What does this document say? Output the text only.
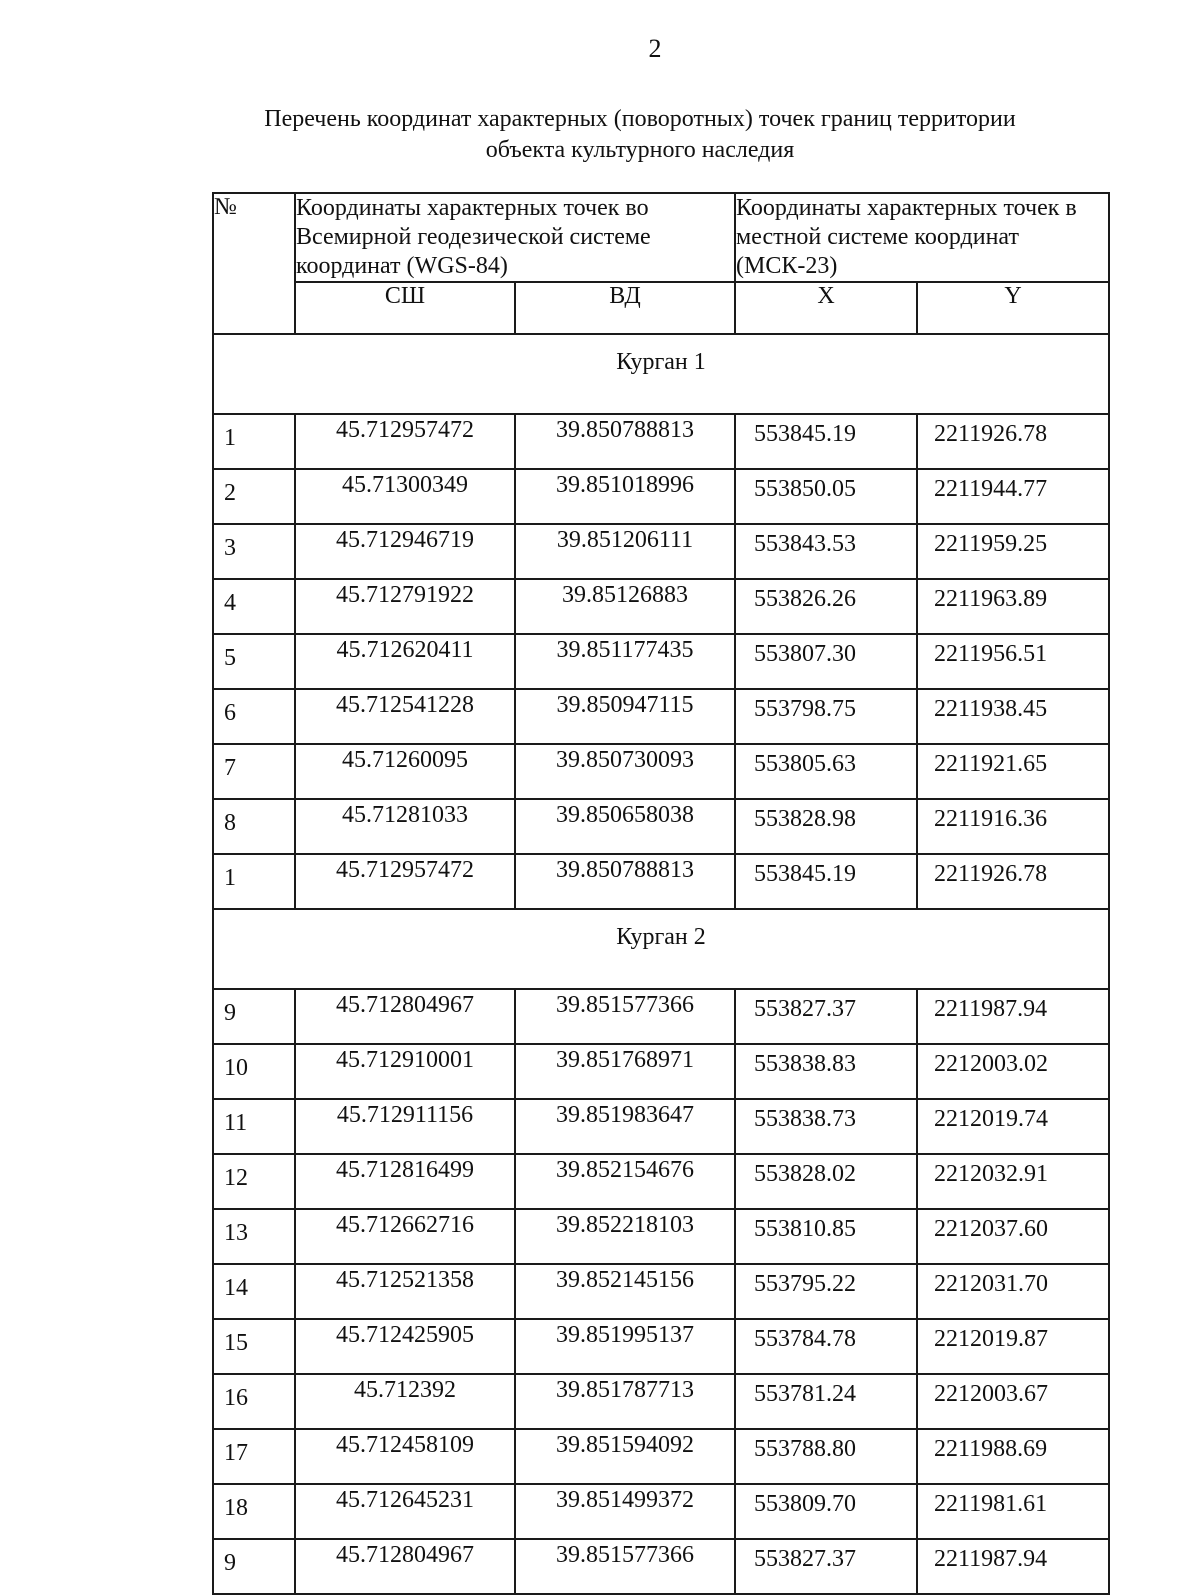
2
Перечень координат характерных (поворотных) точек границ территории
объекта культурного наследия
№	Координаты характерных точек во Всемирной геодезической системе координат (WGS-84)		Координаты характерных точек в местной системе координат (МСК-23)	
	СШ	ВД	X	Y
Курган 1				
1	45.712957472	39.850788813	553845.19	2211926.78
2	45.71300349	39.851018996	553850.05	2211944.77
3	45.712946719	39.851206111	553843.53	2211959.25
4	45.712791922	39.85126883	553826.26	2211963.89
5	45.712620411	39.851177435	553807.30	2211956.51
6	45.712541228	39.850947115	553798.75	2211938.45
7	45.71260095	39.850730093	553805.63	2211921.65
8	45.71281033	39.850658038	553828.98	2211916.36
1	45.712957472	39.850788813	553845.19	2211926.78
Курган 2				
9	45.712804967	39.851577366	553827.37	2211987.94
10	45.712910001	39.851768971	553838.83	2212003.02
11	45.712911156	39.851983647	553838.73	2212019.74
12	45.712816499	39.852154676	553828.02	2212032.91
13	45.712662716	39.852218103	553810.85	2212037.60
14	45.712521358	39.852145156	553795.22	2212031.70
15	45.712425905	39.851995137	553784.78	2212019.87
16	45.712392	39.851787713	553781.24	2212003.67
17	45.712458109	39.851594092	553788.80	2211988.69
18	45.712645231	39.851499372	553809.70	2211981.61
9	45.712804967	39.851577366	553827.37	2211987.94
